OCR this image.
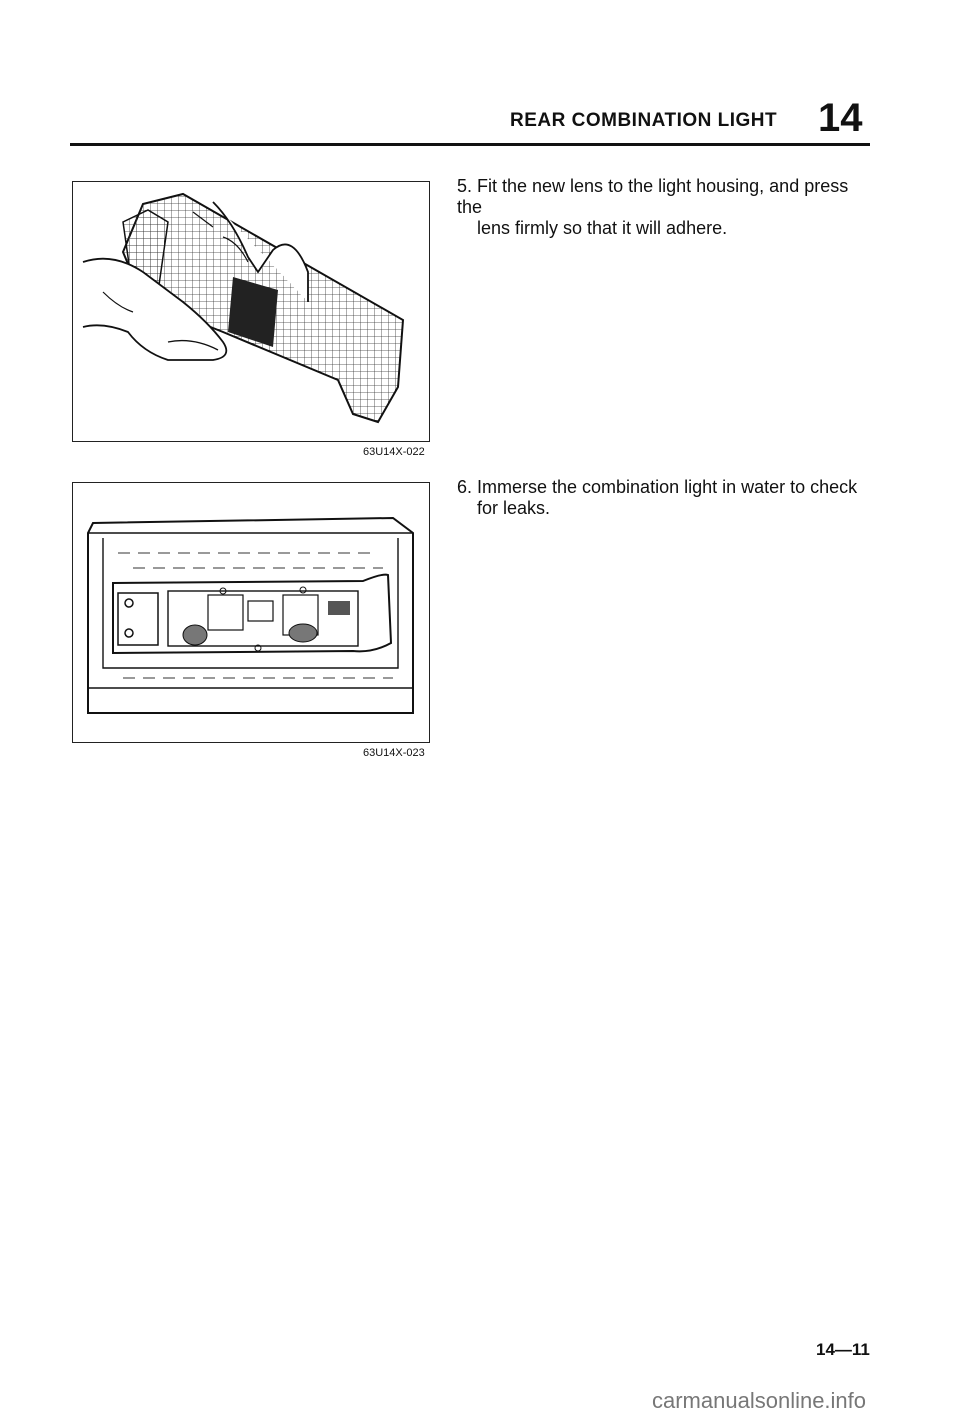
REAR COMBINATION LIGHT 14
63U14X-022
63U14X-023
5. Fit the new lens to the light housing, and press the
lens firmly so that it will adhere.
6. Immerse the combination light in water to check
for leaks.
14—11
carmanualsonline.info
